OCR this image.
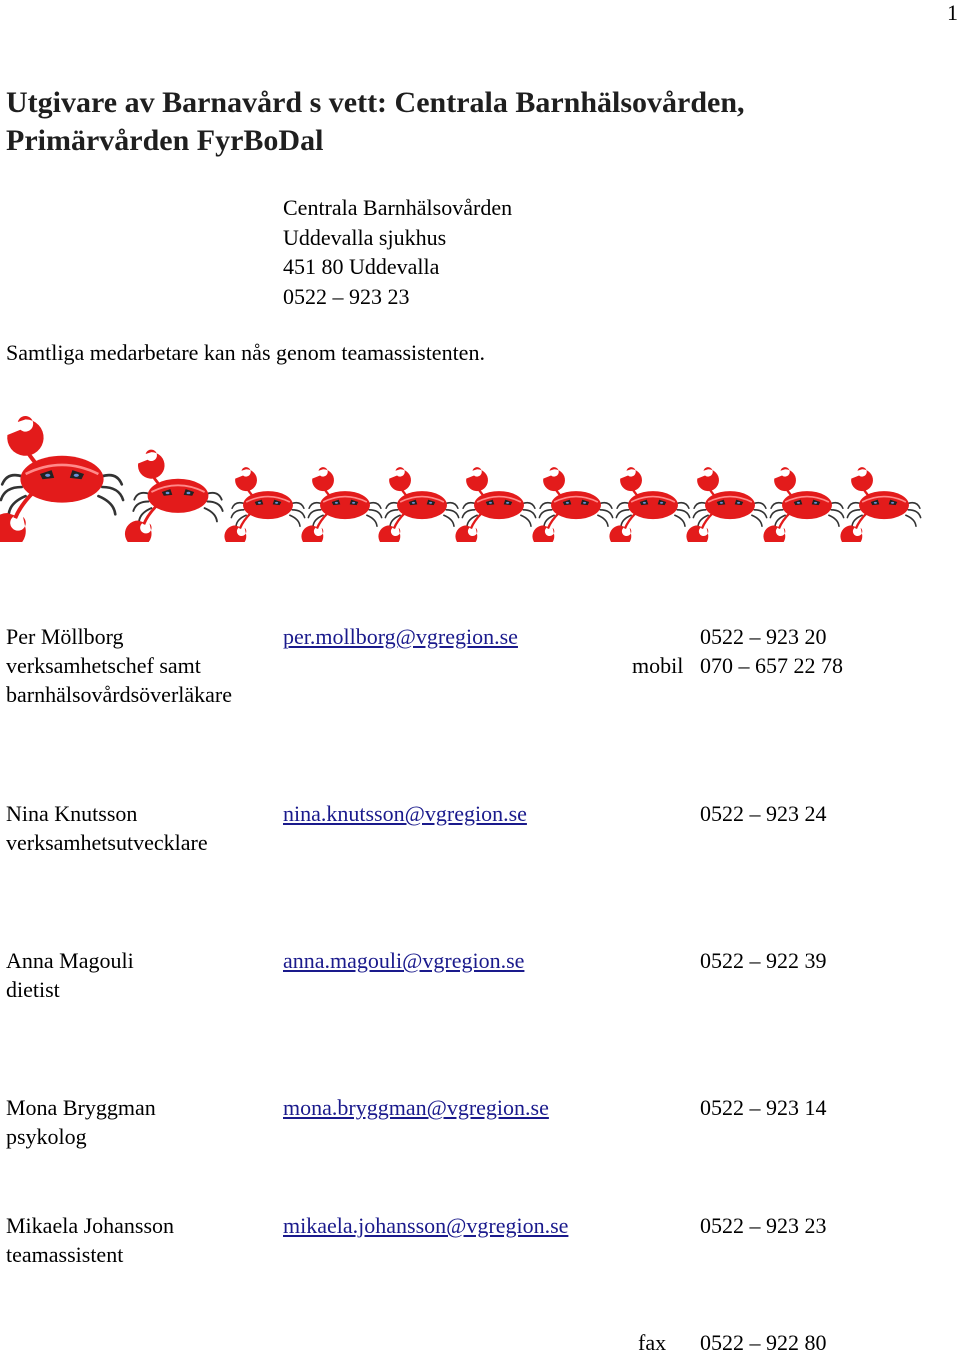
1
Utgivare av Barnavård s vett: Centrala Barnhälsovården,
Primärvården FyrBoDal
Centrala Barnhälsovården
Uddevalla sjukhus
451 80 Uddevalla
0522 – 923 23
Samtliga medarbetare kan nås genom teamassistenten.
Per Möllborg
verksamhetschef samt
barnhälsovårdsöverläkare
per.mollborg@vgregion.se	0522 – 923 20
mobil 070 – 657 22 78
Nina Knutsson
verksamhetsutvecklare
nina.knutsson@vgregion.se	0522 – 923 24
Anna Magouli
dietist
anna.magouli@vgregion.se	0522 – 922 39
Mona Bryggman
psykolog
mona.bryggman@vgregion.se	0522 – 923 14
Mikaela Johansson
teamassistent
mikaela.johansson@vgregion.se	0522 – 923 23
fax 0522 – 922 80
